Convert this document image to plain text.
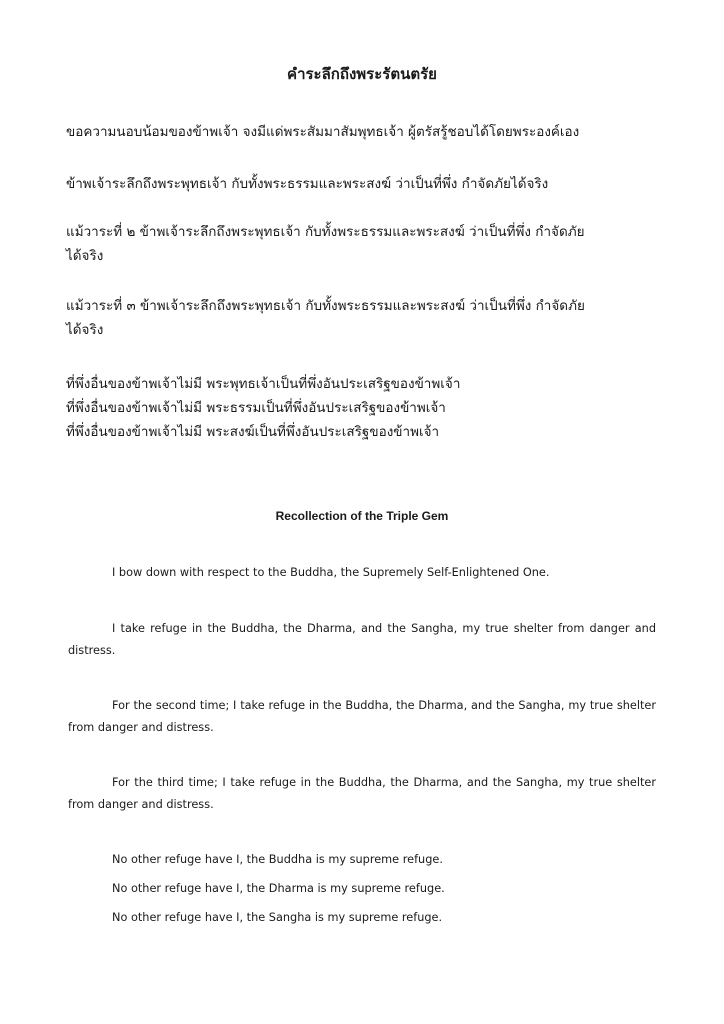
คำระลึกถึงพระรัตนตรัย

ขอความนอบน้อมของข้าพเจ้า จงมีแด่พระสัมมาสัมพุทธเจ้า ผู้ตรัสรู้ชอบได้โดยพระองค์เอง

ข้าพเจ้าระลึกถึงพระพุทธเจ้า กับทั้งพระธรรมและพระสงฆ์ ว่าเป็นที่พึ่ง กำจัดภัยได้จริง

แม้วาระที่ ๒ ข้าพเจ้าระลึกถึงพระพุทธเจ้า กับทั้งพระธรรมและพระสงฆ์ ว่าเป็นที่พึ่ง กำจัดภัย
ได้จริง
แม้วาระที่ ๓ ข้าพเจ้าระลึกถึงพระพุทธเจ้า กับทั้งพระธรรมและพระสงฆ์ ว่าเป็นที่พึ่ง กำจัดภัย
ได้จริง
ที่พึ่งอื่นของข้าพเจ้าไม่มี พระพุทธเจ้าเป็นที่พึ่งอันประเสริฐของข้าพเจ้า
ที่พึ่งอื่นของข้าพเจ้าไม่มี พระธรรมเป็นที่พึ่งอันประเสริฐของข้าพเจ้า
ที่พึ่งอื่นของข้าพเจ้าไม่มี พระสงฆ์เป็นที่พึ่งอันประเสริฐของข้าพเจ้า
Recollection of the Triple Gem

I bow down with respect to the Buddha, the Supremely Self-Enlightened One.

I take refuge in the Buddha, the Dharma, and the Sangha, my true shelter from danger and distress.

For the second time; I take refuge in the Buddha, the Dharma, and the Sangha, my true shelter from danger and distress.

For the third time; I take refuge in the Buddha, the Dharma, and the Sangha, my true shelter from danger and distress.

No other refuge have I, the Buddha is my supreme refuge.
No other refuge have I, the Dharma is my supreme refuge.
No other refuge have I, the Sangha is my supreme refuge.
